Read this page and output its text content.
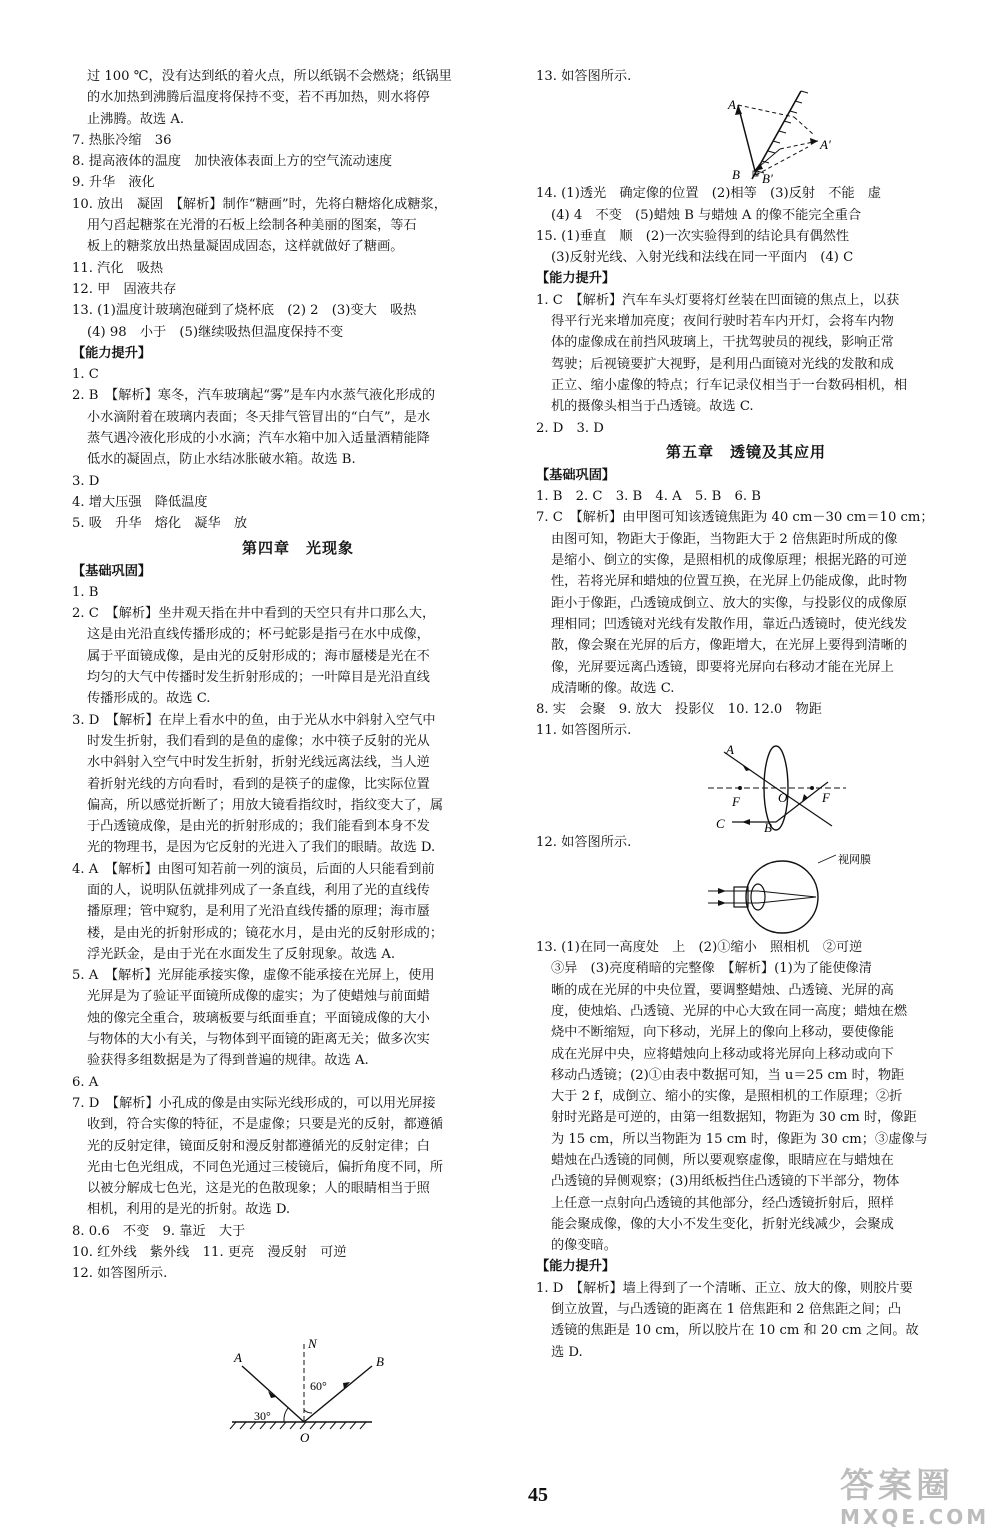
过 100 ℃，没有达到纸的着火点，所以纸锅不会燃烧；纸锅里
的水加热到沸腾后温度将保持不变，若不再加热，则水将停
止沸腾。故选 A.
7. 热胀冷缩　36
8. 提高液体的温度　加快液体表面上方的空气流动速度
9. 升华　液化
10. 放出　凝固　【解析】制作“糖画”时，先将白糖熔化成糖浆，
用勺舀起糖浆在光滑的石板上绘制各种美丽的图案，等石
板上的糖浆放出热量凝固成固态，这样就做好了糖画。
11. 汽化　吸热
12. 甲　固液共存
13. (1)温度计玻璃泡碰到了烧杯底　(2) 2　(3)变大　吸热
(4) 98　小于　(5)继续吸热但温度保持不变
【能力提升】
1. C
2. B　【解析】寒冬，汽车玻璃起“雾”是车内水蒸气液化形成的
小水滴附着在玻璃内表面；冬天排气管冒出的“白气”，是水
蒸气遇冷液化形成的小水滴；汽车水箱中加入适量酒精能降
低水的凝固点，防止水结冰胀破水箱。故选 B.
3. D
4. 增大压强　降低温度
5. 吸　升华　熔化　凝华　放
第四章　光现象
【基础巩固】
1. B
2. C　【解析】坐井观天指在井中看到的天空只有井口那么大，
这是由光沿直线传播形成的；杯弓蛇影是指弓在水中成像，
属于平面镜成像，是由光的反射形成的；海市蜃楼是光在不
均匀的大气中传播时发生折射形成的；一叶障目是光沿直线
传播形成的。故选 C.
3. D　【解析】在岸上看水中的鱼，由于光从水中斜射入空气中
时发生折射，我们看到的是鱼的虚像；水中筷子反射的光从
水中斜射入空气中时发生折射，折射光线远离法线，当人逆
着折射光线的方向看时，看到的是筷子的虚像，比实际位置
偏高，所以感觉折断了；用放大镜看指纹时，指纹变大了，属
于凸透镜成像，是由光的折射形成的；我们能看到本身不发
光的物理书，是因为它反射的光进入了我们的眼睛。故选 D.
4. A　【解析】由图可知若前一列的演员，后面的人只能看到前
面的人，说明队伍就排列成了一条直线，利用了光的直线传
播原理；管中窥豹，是利用了光沿直线传播的原理；海市蜃
楼，是由光的折射形成的；镜花水月，是由光的反射形成的；
浮光跃金，是由于光在水面发生了反射现象。故选 A.
5. A　【解析】光屏能承接实像，虚像不能承接在光屏上，使用
光屏是为了验证平面镜所成像的虚实；为了使蜡烛与前面蜡
烛的像完全重合，玻璃板要与纸面垂直；平面镜成像的大小
与物体的大小有关，与物体到平面镜的距离无关；做多次实
验获得多组数据是为了得到普遍的规律。故选 A.
6. A
7. D　【解析】小孔成的像是由实际光线形成的，可以用光屏接
收到，符合实像的特征，不是虚像；只要是光的反射，都遵循
光的反射定律，镜面反射和漫反射都遵循光的反射定律；白
光由七色光组成，不同色光通过三棱镜后，偏折角度不同，所
以被分解成七色光，这是光的色散现象；人的眼睛相当于照
相机，利用的是光的折射。故选 D.
8. 0.6　不变　9. 靠近　大于
10. 红外线　紫外线　11. 更亮　漫反射　可逆
12. 如答图所示.
13. 如答图所示.
A
B
A′
B′
14. (1)透光　确定像的位置　(2)相等　(3)反射　不能　虚
(4) 4　不变　(5)蜡烛 B 与蜡烛 A 的像不能完全重合
15. (1)垂直　顺　(2)一次实验得到的结论具有偶然性
(3)反射光线、入射光线和法线在同一平面内　(4) C
【能力提升】
1. C　【解析】汽车车头灯要将灯丝装在凹面镜的焦点上，以获
得平行光来增加亮度；夜间行驶时若车内开灯，会将车内物
体的虚像成在前挡风玻璃上，干扰驾驶员的视线，影响正常
驾驶；后视镜要扩大视野，是利用凸面镜对光线的发散和成
正立、缩小虚像的特点；行车记录仪相当于一台数码相机，相
机的摄像头相当于凸透镜。故选 C.
2. D　3. D
第五章　透镜及其应用
【基础巩固】
1. B　2. C　3. B　4. A　5. B　6. B
7. C　【解析】由甲图可知该透镜焦距为 40 cm－30 cm＝10 cm；
由图可知，物距大于像距，当物距大于 2 倍焦距时所成的像
是缩小、倒立的实像，是照相机的成像原理；根据光路的可逆
性，若将光屏和蜡烛的位置互换，在光屏上仍能成像，此时物
距小于像距，凸透镜成倒立、放大的实像，与投影仪的成像原
理相同；凹透镜对光线有发散作用，靠近凸透镜时，使光线发
散，像会聚在光屏的后方，像距增大，在光屏上要得到清晰的
像，光屏要远离凸透镜，即要将光屏向右移动才能在光屏上
成清晰的像。故选 C.
8. 实　会聚　9. 放大　投影仪　10. 12.0　物距
11. 如答图所示.
A
F
C
O
B
F
12. 如答图所示.
视网膜
13. (1)在同一高度处　上　(2)①缩小　照相机　②可逆
③异　(3)亮度稍暗的完整像　【解析】(1)为了能使像清
晰的成在光屏的中央位置，要调整蜡烛、凸透镜、光屏的高
度，使烛焰、凸透镜、光屏的中心大致在同一高度；蜡烛在燃
烧中不断缩短，向下移动，光屏上的像向上移动，要使像能
成在光屏中央，应将蜡烛向上移动或将光屏向上移动或向下
移动凸透镜；(2)①由表中数据可知，当 u＝25 cm 时，物距
大于 2 f，成倒立、缩小的实像，是照相机的工作原理；②折
射时光路是可逆的，由第一组数据知，物距为 30 cm 时，像距
为 15 cm，所以当物距为 15 cm 时，像距为 30 cm；③虚像与
蜡烛在凸透镜的同侧，所以要观察虚像，眼睛应在与蜡烛在
凸透镜的异侧观察；(3)用纸板挡住凸透镜的下半部分，物体
上任意一点射向凸透镜的其他部分，经凸透镜折射后，照样
能会聚成像，像的大小不发生变化，折射光线减少，会聚成
的像变暗。
【能力提升】
1. D　【解析】墙上得到了一个清晰、正立、放大的像，则胶片要
倒立放置，与凸透镜的距离在 1 倍焦距和 2 倍焦距之间；凸
透镜的焦距是 10 cm，所以胶片在 10 cm 和 20 cm 之间。故
选 D.
N
A	B
60°
30°
O
45	答案圈
MXQE.COM
